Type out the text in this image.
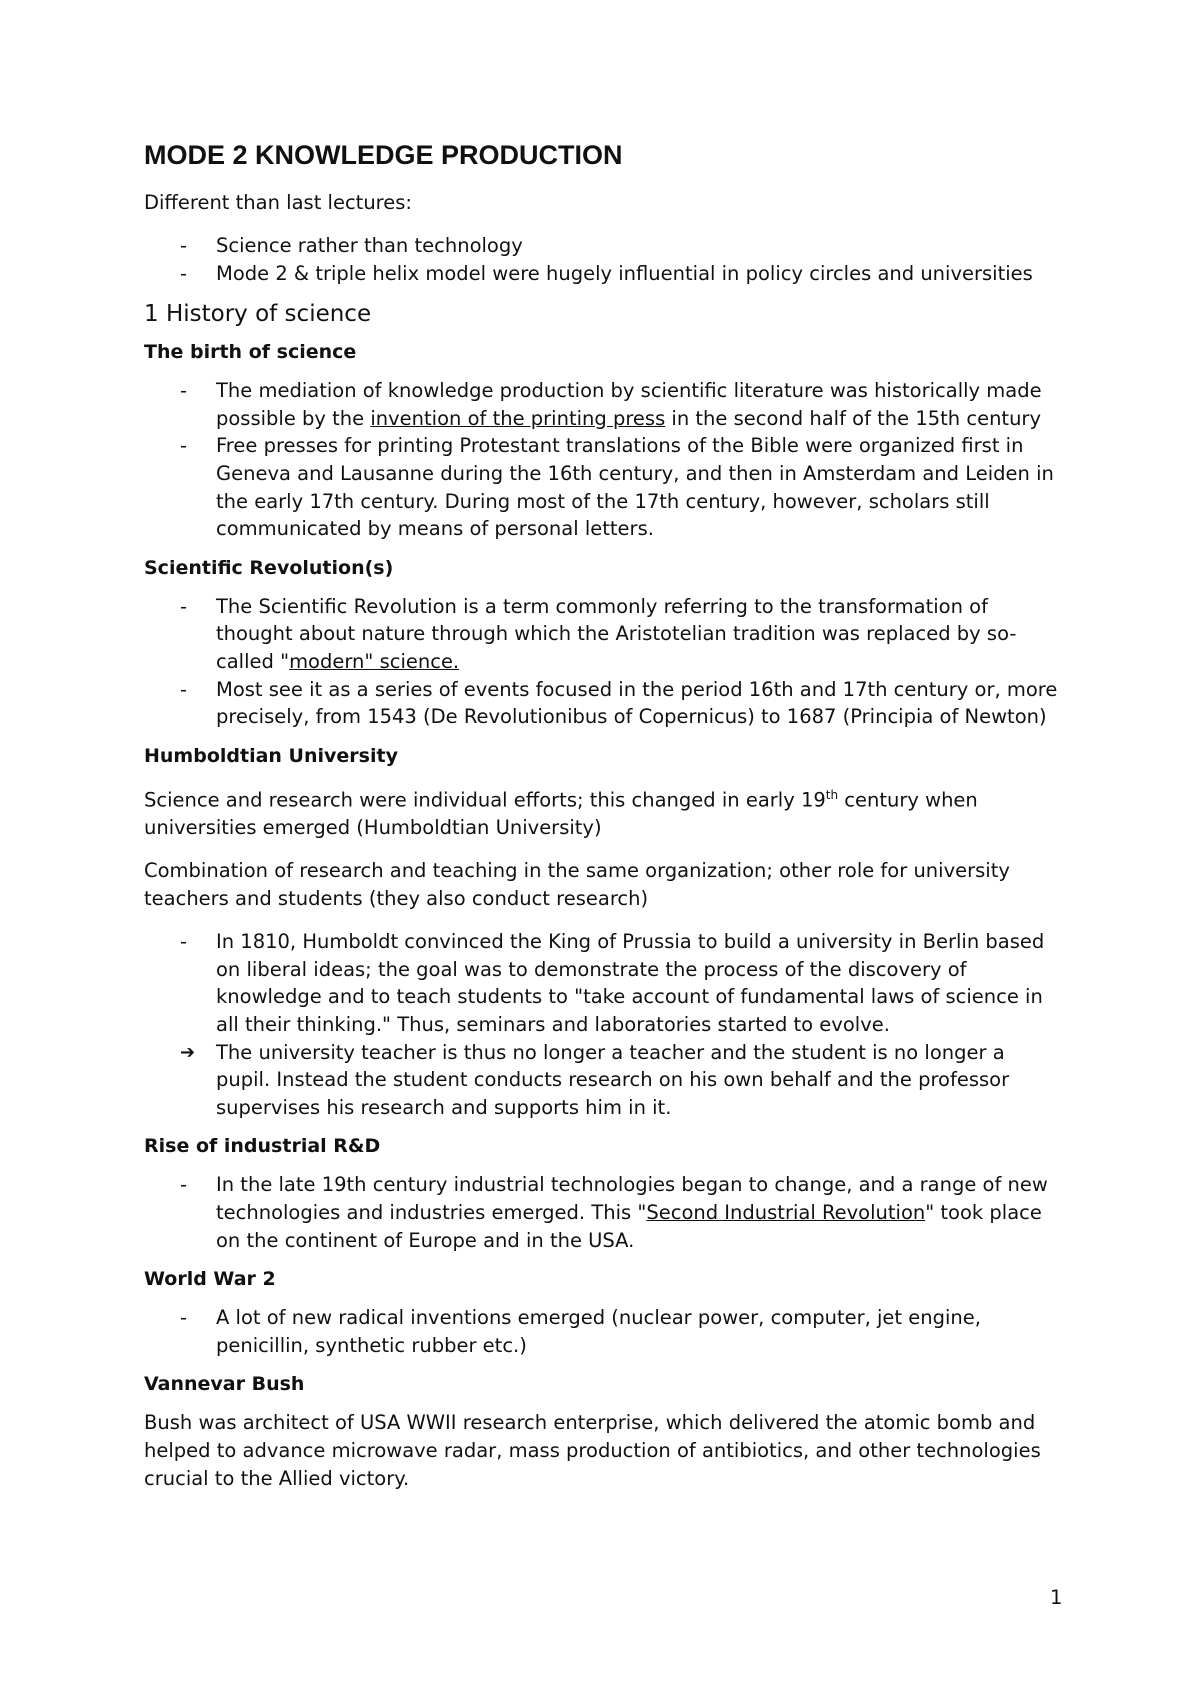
MODE 2 KNOWLEDGE PRODUCTION

Different than last lectures:

- Science rather than technology
- Mode 2 & triple helix model were hugely influential in policy circles and universities
1 History of science
The birth of science
- The mediation of knowledge production by scientific literature was historically made possible by the invention of the printing press in the second half of the 15th century
- Free presses for printing Protestant translations of the Bible were organized first in Geneva and Lausanne during the 16th century, and then in Amsterdam and Leiden in the early 17th century. During most of the 17th century, however, scholars still communicated by means of personal letters.
Scientific Revolution(s)
- The Scientific Revolution is a term commonly referring to the transformation of thought about nature through which the Aristotelian tradition was replaced by so-called "modern" science.
- Most see it as a series of events focused in the period 16th and 17th century or, more precisely, from 1543 (De Revolutionibus of Copernicus) to 1687 (Principia of Newton)
Humboldtian University

Science and research were individual efforts; this changed in early 19th century when universities emerged (Humboldtian University)

Combination of research and teaching in the same organization; other role for university teachers and students (they also conduct research)

- In 1810, Humboldt convinced the King of Prussia to build a university in Berlin based on liberal ideas; the goal was to demonstrate the process of the discovery of knowledge and to teach students to "take account of fundamental laws of science in all their thinking." Thus, seminars and laboratories started to evolve.
➔ The university teacher is thus no longer a teacher and the student is no longer a pupil. Instead the student conducts research on his own behalf and the professor supervises his research and supports him in it.
Rise of industrial R&D
- In the late 19th century industrial technologies began to change, and a range of new technologies and industries emerged. This "Second Industrial Revolution" took place on the continent of Europe and in the USA.
World War 2
- A lot of new radical inventions emerged (nuclear power, computer, jet engine, penicillin, synthetic rubber etc.)
Vannevar Bush

Bush was architect of USA WWII research enterprise, which delivered the atomic bomb and helped to advance microwave radar, mass production of antibiotics, and other technologies crucial to the Allied victory.

1
